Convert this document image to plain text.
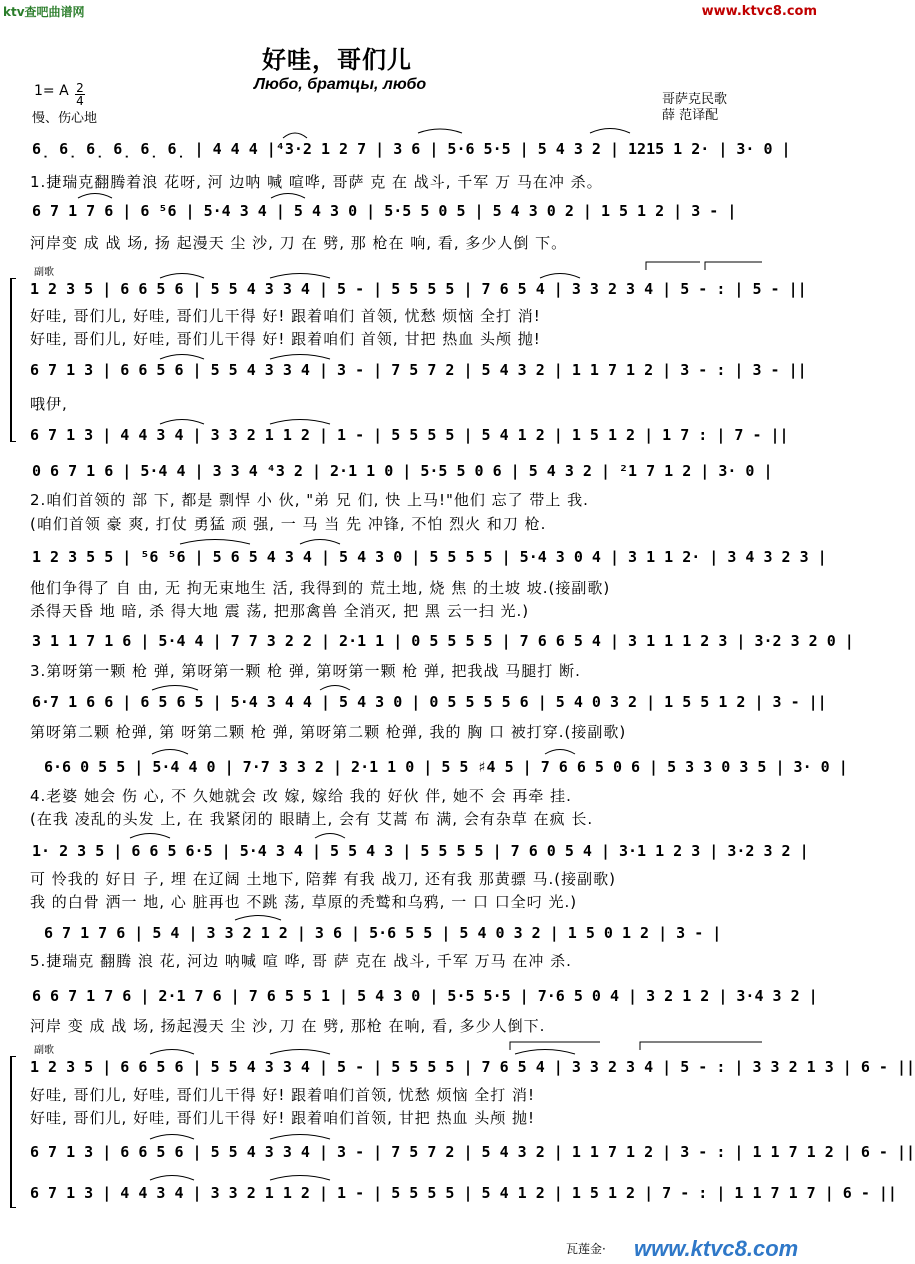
ktv查吧曲谱网	www.ktvc8.com
好哇，哥们儿
Любо, братцы, любо
1= A 2
4
慢、伤心地
哥萨克民歌
薛 范译配
副歌
副歌
6̣ 6̣ 6̣ 6̣ 6̣ 6̣ | 4 4 4 |⁴3·2 1 2 7 | 3 6 | 5·6 5·5 | 5 4 3 2 | 1215 1 2· | 3· 0 |
1.捷瑞克翻腾着浪 花呀, 河 边呐 喊 喧哗, 哥萨 克 在 战斗, 千军 万 马在冲 杀。
6 7 1 7 6 | 6 ⁵6 | 5·4 3 4 | 5 4 3 0 | 5·5 5 0 5 | 5 4 3 0 2 | 1 5 1 2 | 3 - |
河岸变 成 战 场, 扬 起漫天 尘 沙, 刀 在 劈, 那 枪在 响, 看, 多少人倒 下。
1 2 3 5 | 6 6 5 6 | 5 5 4 3 3 4 | 5 - | 5 5 5 5 | 7 6 5 4 | 3 3 2 3 4 | 5 - : | 5 - ||
好哇, 哥们儿, 好哇, 哥们儿干得 好! 跟着咱们 首领, 忧愁 烦恼 全打 消!
好哇, 哥们儿, 好哇, 哥们儿干得 好! 跟着咱们 首领, 甘把 热血 头颅 抛!
6 7 1 3 | 6 6 5 6 | 5 5 4 3 3 4 | 3 - | 7 5 7 2 | 5 4 3 2 | 1 1 7 1 2 | 3 - : | 3 - ||
哦伊,
6 7 1 3 | 4 4 3 4 | 3 3 2 1 1 2 | 1 - | 5 5 5 5 | 5 4 1 2 | 1 5 1 2 | 1 7 : | 7 - ||
0 6 7 1 6 | 5·4 4 | 3 3 4 ⁴3 2 | 2·1 1 0 | 5·5 5 0 6 | 5 4 3 2 | ²1 7 1 2 | 3· 0 |
2.咱们首领的 部 下, 都是 剽悍 小 伙, "弟 兄 们, 快 上马!"他们 忘了 带上 我.
(咱们首领 豪 爽, 打仗 勇猛 顽 强, 一 马 当 先 冲锋, 不怕 烈火 和刀 枪.
1 2 3 5 5 | ⁵6 ⁵6 | 5 6 5 4 3 4 | 5 4 3 0 | 5 5 5 5 | 5·4 3 0 4 | 3 1 1 2· | 3 4 3 2 3 |
他们争得了 自 由, 无 拘无束地生 活, 我得到的 荒土地, 烧 焦 的土坡 坡.(接副歌)
杀得天昏 地 暗, 杀 得大地 震 荡, 把那禽兽 全消灭, 把 黑 云一扫 光.)
3 1 1 7 1 6 | 5·4 4 | 7 7 3 2 2 | 2·1 1 | 0 5 5 5 5 | 7 6 6 5 4 | 3 1 1 1 2 3 | 3·2 3 2 0 |
3.第呀第一颗 枪 弹, 第呀第一颗 枪 弹, 第呀第一颗 枪 弹, 把我战 马腿打 断.
6·7 1 6 6 | 6 5 6 5 | 5·4 3 4 4 | 5 4 3 0 | 0 5 5 5 5 6 | 5 4 0 3 2 | 1 5 5 1 2 | 3 - ||
第呀第二颗 枪弹, 第 呀第二颗 枪 弹, 第呀第二颗 枪弹, 我的 胸 口 被打穿.(接副歌)
6·6 0 5 5 | 5·4 4 0 | 7·7 3 3 2 | 2·1 1 0 | 5 5 ♯4 5 | 7 6 6 5 0 6 | 5 3 3 0 3 5 | 3· 0 |
4.老婆 她会 伤 心, 不 久她就会 改 嫁, 嫁给 我的 好伙 伴, 她不 会 再牵 挂.
(在我 凌乱的头发 上, 在 我紧闭的 眼睛上, 会有 艾蒿 布 满, 会有杂草 在疯 长.
1· 2 3 5 | 6 6 5 6·5 | 5·4 3 4 | 5 5 4 3 | 5 5 5 5 | 7 6 0 5 4 | 3·1 1 2 3 | 3·2 3 2 |
可 怜我的 好日 子, 埋 在辽阔 土地下, 陪葬 有我 战刀, 还有我 那黄骠 马.(接副歌)
我 的白骨 洒一 地, 心 脏再也 不跳 荡, 草原的秃鹫和乌鸦, 一 口 口全叼 光.)
6 7 1 7 6 | 5 4 | 3 3 2 1 2 | 3 6 | 5·6 5 5 | 5 4 0 3 2 | 1 5 0 1 2 | 3 - |
5.捷瑞克 翻腾 浪 花, 河边 呐喊 喧 哗, 哥 萨 克在 战斗, 千军 万马 在冲 杀.
6 6 7 1 7 6 | 2·1 7 6 | 7 6 5 5 1 | 5 4 3 0 | 5·5 5·5 | 7·6 5 0 4 | 3 2 1 2 | 3·4 3 2 |
河岸 变 成 战 场, 扬起漫天 尘 沙, 刀 在 劈, 那枪 在响, 看, 多少人倒下.
1 2 3 5 | 6 6 5 6 | 5 5 4 3 3 4 | 5 - | 5 5 5 5 | 7 6 5 4 | 3 3 2 3 4 | 5 - : | 3 3 2 1 3 | 6 - ||
好哇, 哥们儿, 好哇, 哥们儿干得 好! 跟着咱们首领, 忧愁 烦恼 全打 消!
好哇, 哥们儿, 好哇, 哥们儿干得 好! 跟着咱们首领, 甘把 热血 头颅 抛!
6 7 1 3 | 6 6 5 6 | 5 5 4 3 3 4 | 3 - | 7 5 7 2 | 5 4 3 2 | 1 1 7 1 2 | 3 - : | 1 1 7 1 2 | 6 - ||
6 7 1 3 | 4 4 3 4 | 3 3 2 1 1 2 | 1 - | 5 5 5 5 | 5 4 1 2 | 1 5 1 2 | 7 - : | 1 1 7 1 7 | 6 - ||
瓦莲金· www.ktvc8.com
